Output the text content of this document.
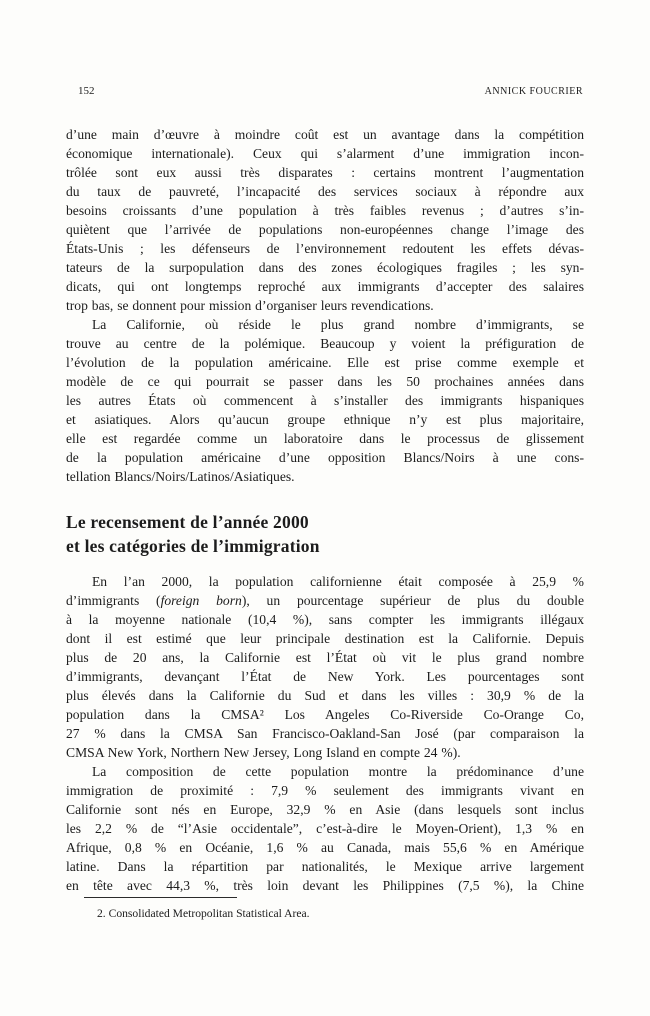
152	ANNICK FOUCRIER
d’une main d’œuvre à moindre coût est un avantage dans la compétition
économique internationale). Ceux qui s’alarment d’une immigration incon-
trôlée sont eux aussi très disparates : certains montrent l’augmentation
du taux de pauvreté, l’incapacité des services sociaux à répondre aux
besoins croissants d’une population à très faibles revenus ; d’autres s’in-
quiètent que l’arrivée de populations non-européennes change l’image des
États-Unis ; les défenseurs de l’environnement redoutent les effets dévas-
tateurs de la surpopulation dans des zones écologiques fragiles ; les syn-
dicats, qui ont longtemps reproché aux immigrants d’accepter des salaires
trop bas, se donnent pour mission d’organiser leurs revendications.
La Californie, où réside le plus grand nombre d’immigrants, se
trouve au centre de la polémique. Beaucoup y voient la préfiguration de
l’évolution de la population américaine. Elle est prise comme exemple et
modèle de ce qui pourrait se passer dans les 50 prochaines années dans
les autres États où commencent à s’installer des immigrants hispaniques
et asiatiques. Alors qu’aucun groupe ethnique n’y est plus majoritaire,
elle est regardée comme un laboratoire dans le processus de glissement
de la population américaine d’une opposition Blancs/Noirs à une cons-
tellation Blancs/Noirs/Latinos/Asiatiques.
Le recensement de l’année 2000
et les catégories de l’immigration
En l’an 2000, la population californienne était composée à 25,9 %
d’immigrants (foreign born), un pourcentage supérieur de plus du double
à la moyenne nationale (10,4 %), sans compter les immigrants illégaux
dont il est estimé que leur principale destination est la Californie. Depuis
plus de 20 ans, la Californie est l’État où vit le plus grand nombre
d’immigrants, devançant l’État de New York. Les pourcentages sont
plus élevés dans la Californie du Sud et dans les villes : 30,9 % de la
population dans la CMSA² Los Angeles Co-Riverside Co-Orange Co,
27 % dans la CMSA San Francisco-Oakland-San José (par comparaison la
CMSA New York, Northern New Jersey, Long Island en compte 24 %).
La composition de cette population montre la prédominance d’une
immigration de proximité : 7,9 % seulement des immigrants vivant en
Californie sont nés en Europe, 32,9 % en Asie (dans lesquels sont inclus
les 2,2 % de “l’Asie occidentale”, c’est-à-dire le Moyen-Orient), 1,3 % en
Afrique, 0,8 % en Océanie, 1,6 % au Canada, mais 55,6 % en Amérique
latine. Dans la répartition par nationalités, le Mexique arrive largement
en tête avec 44,3 %, très loin devant les Philippines (7,5 %), la Chine
2. Consolidated Metropolitan Statistical Area.
